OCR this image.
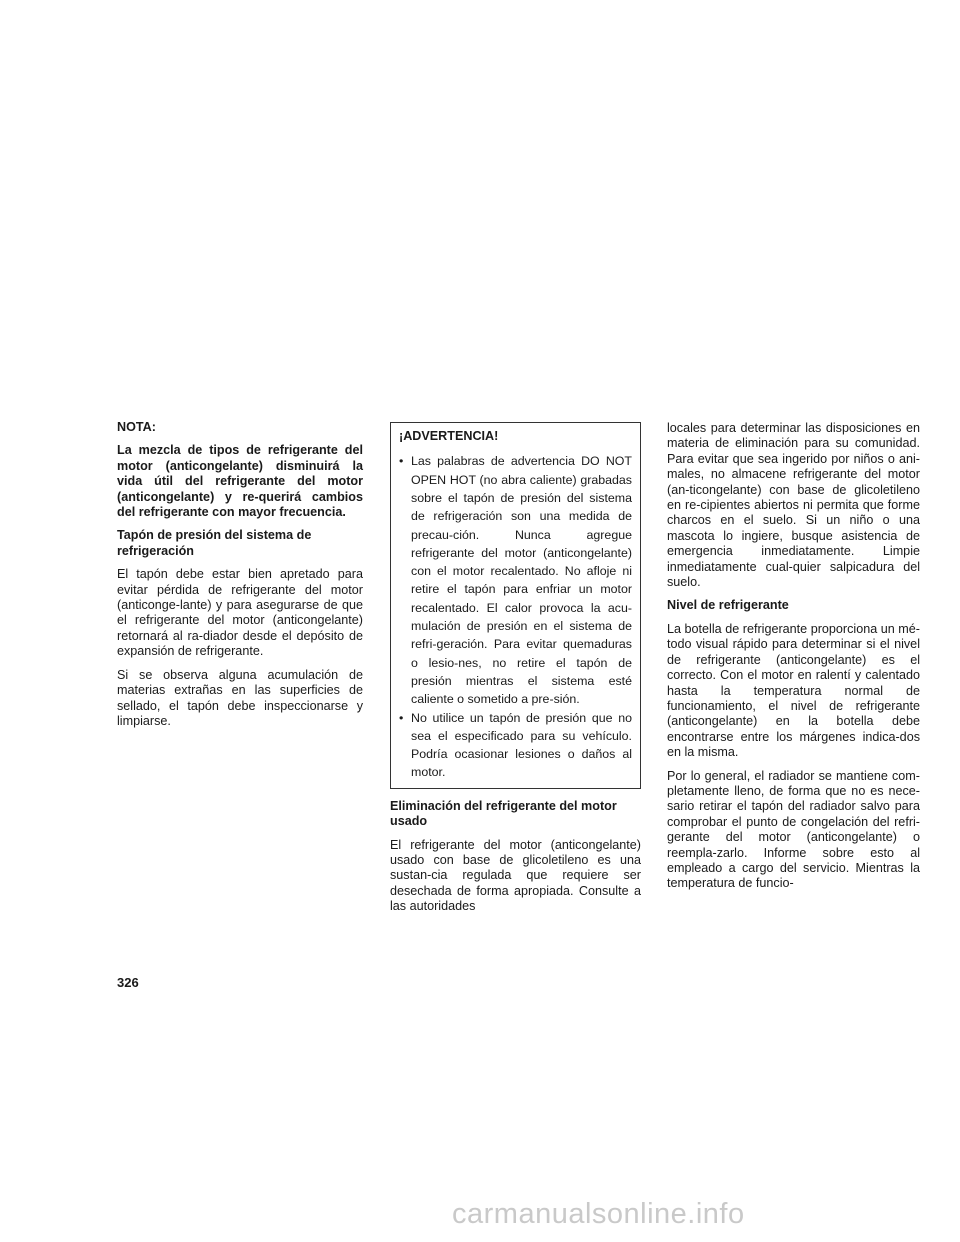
NOTA:

La mezcla de tipos de refrigerante del motor (anticongelante) disminuirá la vida útil del refrigerante del motor (anticongelante) y re-querirá cambios del refrigerante con mayor frecuencia.

Tapón de presión del sistema de refrigeración

El tapón debe estar bien apretado para evitar pérdida de refrigerante del motor (anticonge-lante) y para asegurarse de que el refrigerante del motor (anticongelante) retornará al ra-diador desde el depósito de expansión de refrigerante.

Si se observa alguna acumulación de materias extrañas en las superficies de sellado, el tapón debe inspeccionarse y limpiarse.

¡ADVERTENCIA!

• Las palabras de advertencia DO NOT OPEN HOT (no abra caliente) grabadas sobre el tapón de presión del sistema de refrigeración son una medida de precau-ción. Nunca agregue refrigerante del motor (anticongelante) con el motor recalentado. No afloje ni retire el tapón para enfriar un motor recalentado. El calor provoca la acu-mulación de presión en el sistema de refri-geración. Para evitar quemaduras o lesio-nes, no retire el tapón de presión mientras el sistema esté caliente o sometido a pre-sión.
• No utilice un tapón de presión que no sea el especificado para su vehículo. Podría ocasionar lesiones o daños al motor.

Eliminación del refrigerante del motor usado

El refrigerante del motor (anticongelante) usado con base de glicoletileno es una sustan-cia regulada que requiere ser desechada de forma apropiada. Consulte a las autoridades

locales para determinar las disposiciones en materia de eliminación para su comunidad. Para evitar que sea ingerido por niños o ani-males, no almacene refrigerante del motor (an-ticongelante) con base de glicoletileno en re-cipientes abiertos ni permita que forme charcos en el suelo. Si un niño o una mascota lo ingiere, busque asistencia de emergencia inmediatamente. Limpie inmediatamente cual-quier salpicadura del suelo.

Nivel de refrigerante

La botella de refrigerante proporciona un mé-todo visual rápido para determinar si el nivel de refrigerante (anticongelante) es el correcto. Con el motor en ralentí y calentado hasta la temperatura normal de funcionamiento, el nivel de refrigerante (anticongelante) en la botella debe encontrarse entre los márgenes indica-dos en la misma.

Por lo general, el radiador se mantiene com-pletamente lleno, de forma que no es nece-sario retirar el tapón del radiador salvo para comprobar el punto de congelación del refri-gerante del motor (anticongelante) o reempla-zarlo. Informe sobre esto al empleado a cargo del servicio. Mientras la temperatura de funcio-

326
carmanualsonline.info
